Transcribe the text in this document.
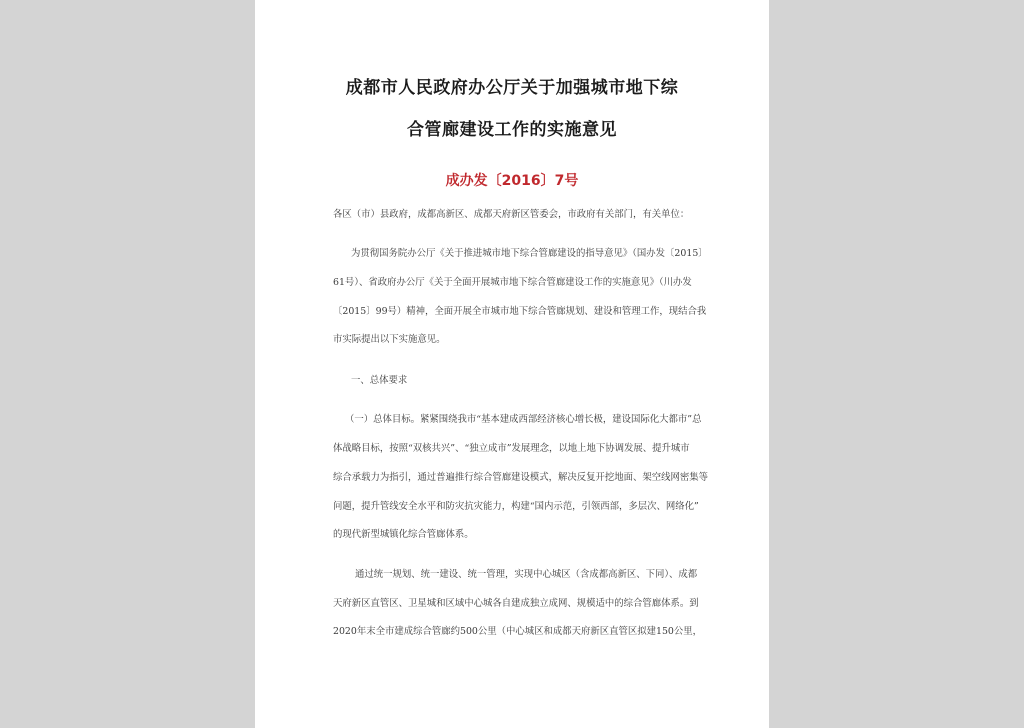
成都市人民政府办公厅关于加强城市地下综
合管廊建设工作的实施意见
成办发〔2016〕7号
各区（市）县政府，成都高新区、成都天府新区管委会，市政府有关部门，有关单位：
为贯彻国务院办公厅《关于推进城市地下综合管廊建设的指导意见》（国办发〔2015〕
61号）、省政府办公厅《关于全面开展城市地下综合管廊建设工作的实施意见》（川办发
〔2015〕99号）精神，全面开展全市城市地下综合管廊规划、建设和管理工作，现结合我
市实际提出以下实施意见。
一、总体要求
（一）总体目标。紧紧围绕我市“基本建成西部经济核心增长极，建设国际化大都市”总
体战略目标，按照“双核共兴”、“独立成市”发展理念，以地上地下协调发展、提升城市
综合承载力为指引，通过普遍推行综合管廊建设模式，解决反复开挖地面、架空线网密集等
问题，提升管线安全水平和防灾抗灾能力，构建“国内示范，引领西部，多层次、网络化”
的现代新型城镇化综合管廊体系。
通过统一规划、统一建设、统一管理，实现中心城区（含成都高新区、下同）、成都
天府新区直管区、卫星城和区域中心城各自建成独立成网、规模适中的综合管廊体系。到
2020年末全市建成综合管廊约500公里（中心城区和成都天府新区直管区拟建150公里，
